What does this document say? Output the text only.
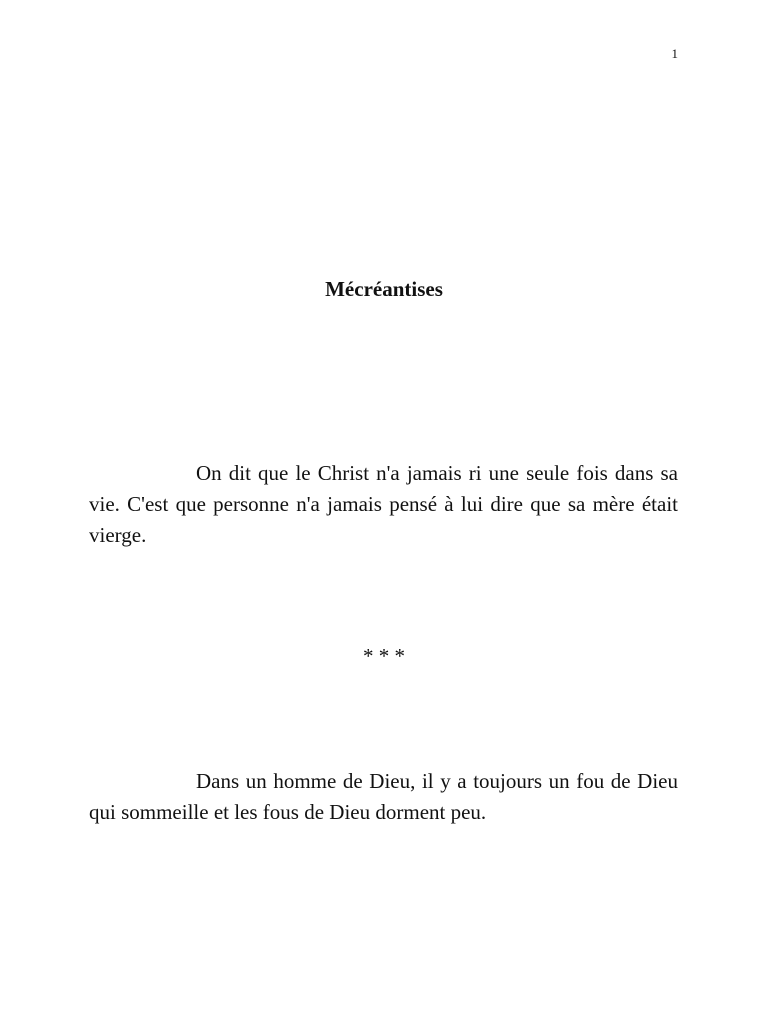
1
Mécréantises

On dit que le Christ n'a jamais ri une seule fois dans sa vie. C'est que personne n'a jamais pensé à lui dire que sa mère était vierge.

* * *

Dans un homme de Dieu, il y a toujours un fou de Dieu qui sommeille et les fous de Dieu dorment peu.
